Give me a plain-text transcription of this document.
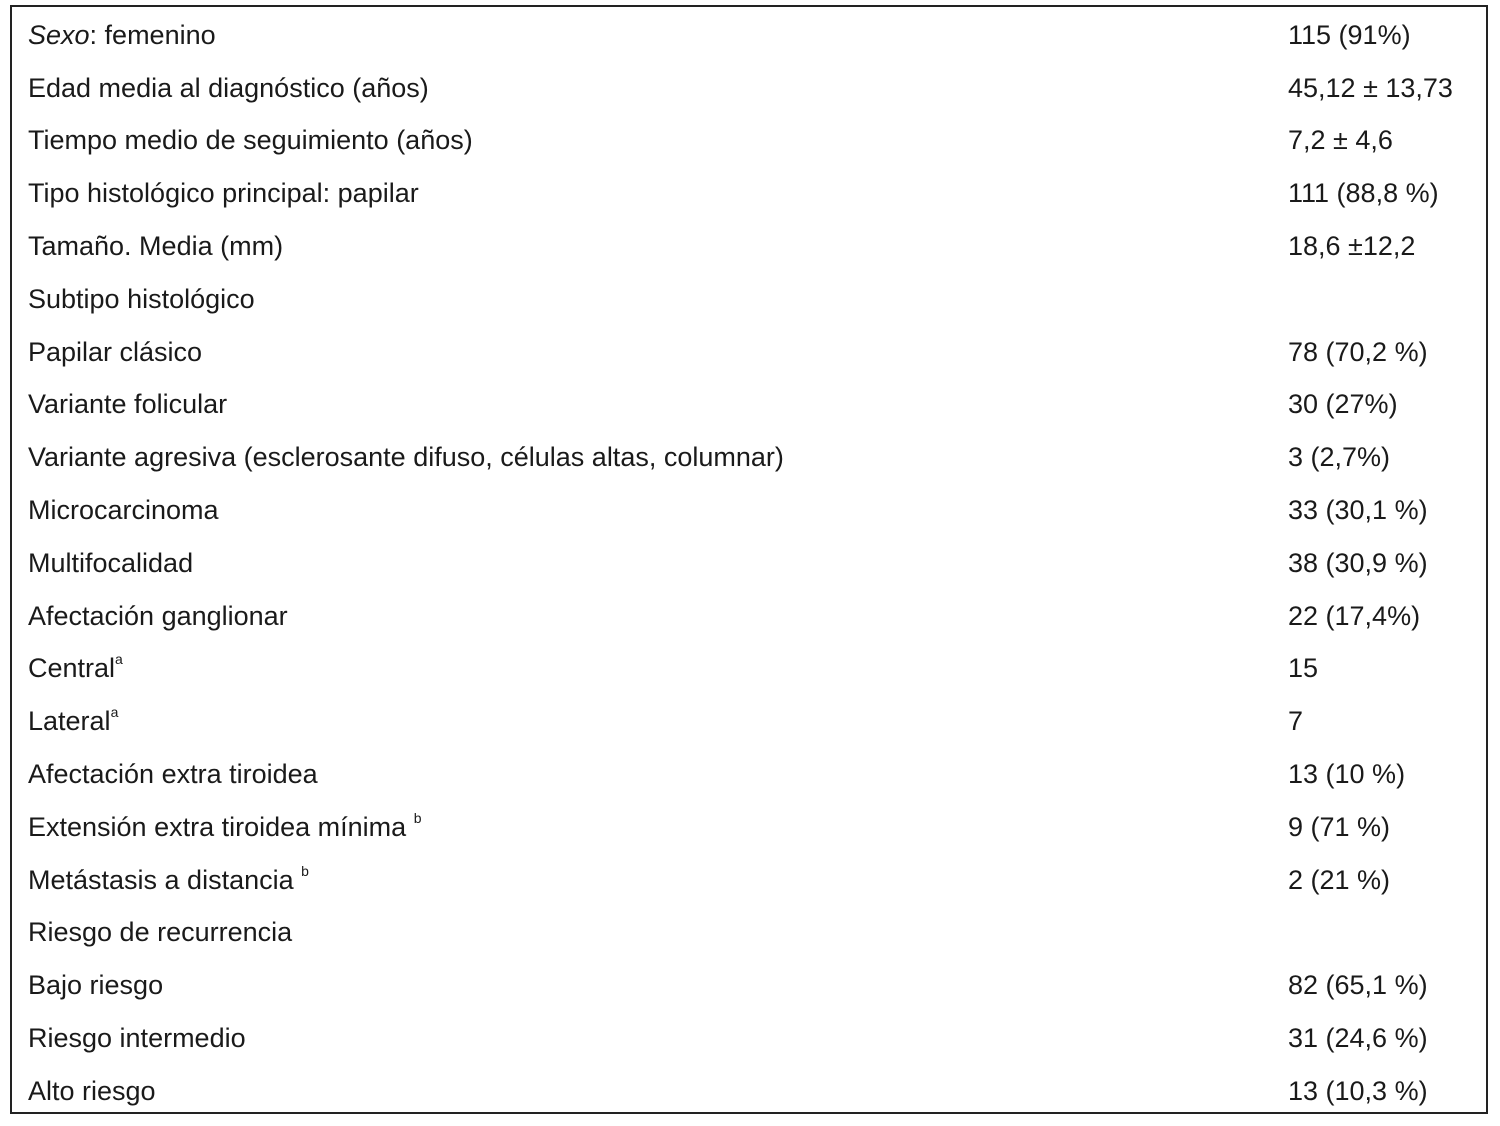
Sexo: femenino	115 (91%)
Edad media al diagnóstico (años)	45,12 ± 13,73
Tiempo medio de seguimiento (años)	7,2 ± 4,6
Tipo histológico principal: papilar	111 (88,8 %)
Tamaño. Media (mm)	18,6 ±12,2
Subtipo histológico	
Papilar clásico	78 (70,2 %)
Variante folicular	30 (27%)
Variante agresiva (esclerosante difuso, células altas, columnar)	3 (2,7%)
Microcarcinoma	33 (30,1 %)
Multifocalidad	38 (30,9 %)
Afectación ganglionar	22 (17,4%)
Central$^a$	15
Lateral$^a$	7
Afectación extra tiroidea	13 (10 %)
Extensión extra tiroidea mínima $^b$	9 (71 %)
Metástasis a distancia $^b$	2 (21 %)
Riesgo de recurrencia	
Bajo riesgo	82 (65,1 %)
Riesgo intermedio	31 (24,6 %)
Alto riesgo	13 (10,3 %)
